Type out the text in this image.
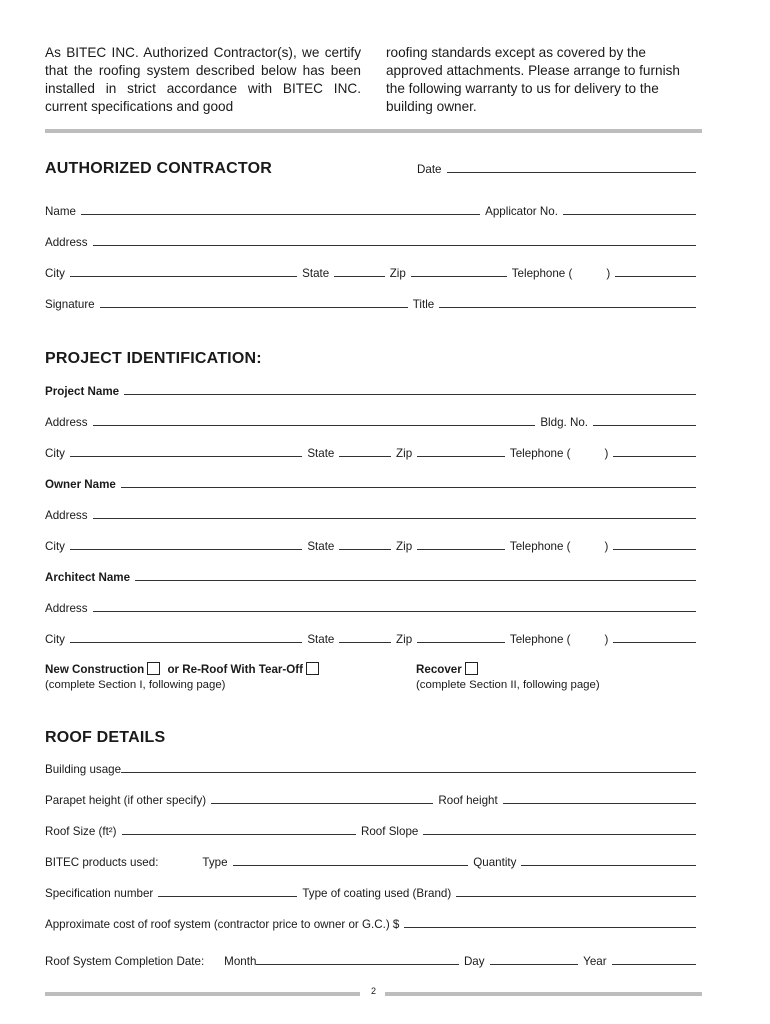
As BITEC INC. Authorized Contractor(s), we certify that the roofing system described below has been installed in strict accordance with BITEC INC. current specifications and good

roofing standards except as covered by the approved attachments. Please arrange to furnish the following warranty to us for delivery to the building owner.

AUTHORIZED CONTRACTOR	Date
Name	Applicator No.
Address
City	State	Zip	Telephone (	)
Signature	Title
PROJECT IDENTIFICATION:
Project Name
Address	Bldg. No.
City	State	Zip	Telephone (	)
Owner Name
Address
City	State	Zip	Telephone (	)
Architect Name
Address
City	State	Zip	Telephone (	)
New Construction or Re-Roof With Tear-Off
(complete Section I, following page)
Recover
(complete Section II, following page)
ROOF DETAILS
Building usage
Parapet height (if other specify)	Roof height
Roof Size (ft²)	Roof Slope
BITEC products used:	Type	Quantity
Specification number	Type of coating used (Brand)
Approximate cost of roof system (contractor price to owner or G.C.) $
Roof System Completion Date: Month	Day	Year
2
